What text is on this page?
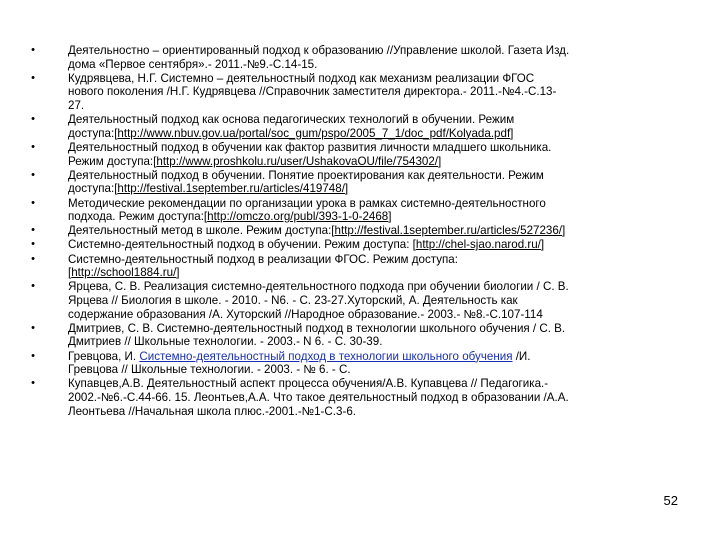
•	Деятельностно – ориентированный подход к образованию //Управление школой. Газета Изд.
дома «Первое сентября».- 2011.-№9.-С.14-15.
•	Кудрявцева, Н.Г. Системно – деятельностный подход как механизм реализации ФГОС
нового поколения /Н.Г. Кудрявцева //Справочник заместителя директора.- 2011.-№4.-С.13-
27.
•	Деятельностный подход как основа педагогических технологий в обучении. Режим
доступа:[http://www.nbuv.gov.ua/portal/soc_gum/pspo/2005_7_1/doc_pdf/Kolyada.pdf]
•	Деятельностный подход в обучении как фактор развития личности младшего школьника.
Режим доступа:[http://www.proshkolu.ru/user/UshakovaOU/file/754302/]
•	Деятельностный подход в обучении. Понятие проектирования как деятельности. Режим
доступа:[http://festival.1september.ru/articles/419748/]
•	Методические рекомендации по организации урока в рамках системно-деятельностного
подхода. Режим доступа:[http://omczo.org/publ/393-1-0-2468]
•	Деятельностный метод в школе. Режим доступа:[http://festival.1september.ru/articles/527236/]
•	Системно-деятельностный подход в обучении. Режим доступа: [http://chel-sjao.narod.ru/]
•	Системно-деятельностный подход в реализации ФГОС. Режим доступа:
[http://school1884.ru/]
•	Ярцева, С. В. Реализация системно-деятельностного подхода при обучении биологии / С. В.
Ярцева // Биология в школе. - 2010. - N6. - С. 23-27.Хуторский, А. Деятельность как
содержание образования /А. Хуторский //Народное образование.- 2003.- №8.-С.107-114
•	Дмитриев, С. В. Системно-деятельностный подход в технологии школьного обучения / С. В.
Дмитриев // Школьные технологии. - 2003.- N 6. - С. 30-39.
•	Гревцова, И. Системно-деятельностный подход в технологии школьного обучения /И.
Гревцова // Школьные технологии. - 2003. - № 6. - С.
•	Купавцев,А.В. Деятельностный аспект процесса обучения/А.В. Купавцева // Педагогика.-
2002.-№6.-С.44-66. 15. Леонтьев,А.А. Что такое деятельностный подход в образовании /А.А.
Леонтьева //Начальная школа плюс.-2001.-№1-С.3-6.
52
